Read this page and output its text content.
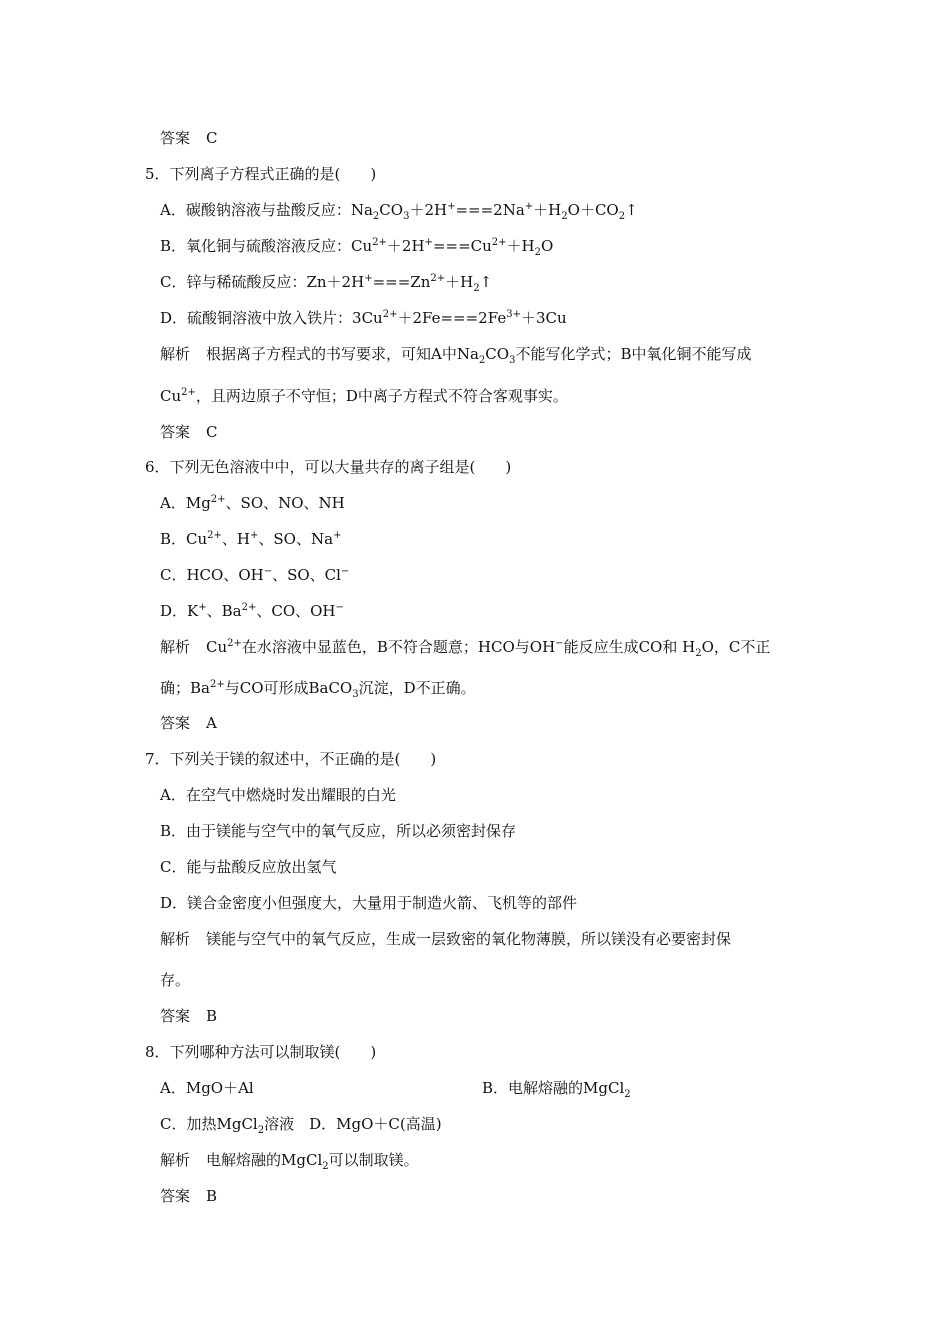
答案 C
5．下列离子方程式正确的是(　　)
A．碳酸钠溶液与盐酸反应：$Na_2CO_3+2H^+===2Na^++H_2O+CO_2↑$
B．氧化铜与硫酸溶液反应：$Cu^{2+}+2H^+===Cu^{2+}+H_2O$
C．锌与稀硫酸反应：$Zn+2H^+===Zn^{2+}+H_2↑$
D．硫酸铜溶液中放入铁片：$3Cu^{2+}+2Fe===2Fe^{3+}+3Cu$
解析 根据离子方程式的书写要求，可知A中$Na_2CO_3$不能写化学式；B中氧化铜不能写成
$Cu^{2+}$，且两边原子不守恒；D中离子方程式不符合客观事实。
答案 C
6．下列无色溶液中中，可以大量共存的离子组是(　　)
A．$Mg^{2+}$、SO、NO、NH
B．$Cu^{2+}$、H+、SO、Na+
C．HCO、OH−、SO、Cl−
D．K+、$Ba^{2+}$、CO、OH−
解析 $Cu^{2+}$在水溶液中显蓝色，B不符合题意；HCO与OH−能反应生成CO和 $H_2O$，C不正
确；$Ba^{2+}$与CO可形成BaCO$_3$沉淀，D不正确。
答案 A
7．下列关于镁的叙述中，不正确的是(　　)
A．在空气中燃烧时发出耀眼的白光
B．由于镁能与空气中的氧气反应，所以必须密封保存
C．能与盐酸反应放出氢气
D．镁合金密度小但强度大，大量用于制造火箭、飞机等的部件
解析 镁能与空气中的氧气反应，生成一层致密的氧化物薄膜，所以镁没有必要密封保
存。
答案 B
8．下列哪种方法可以制取镁(　　)
A．MgO＋Al	B．电解熔融的MgCl$_2$
C．加热MgCl$_2$溶液　D．MgO＋C(高温)
解析 电解熔融的MgCl$_2$可以制取镁。
答案 B
